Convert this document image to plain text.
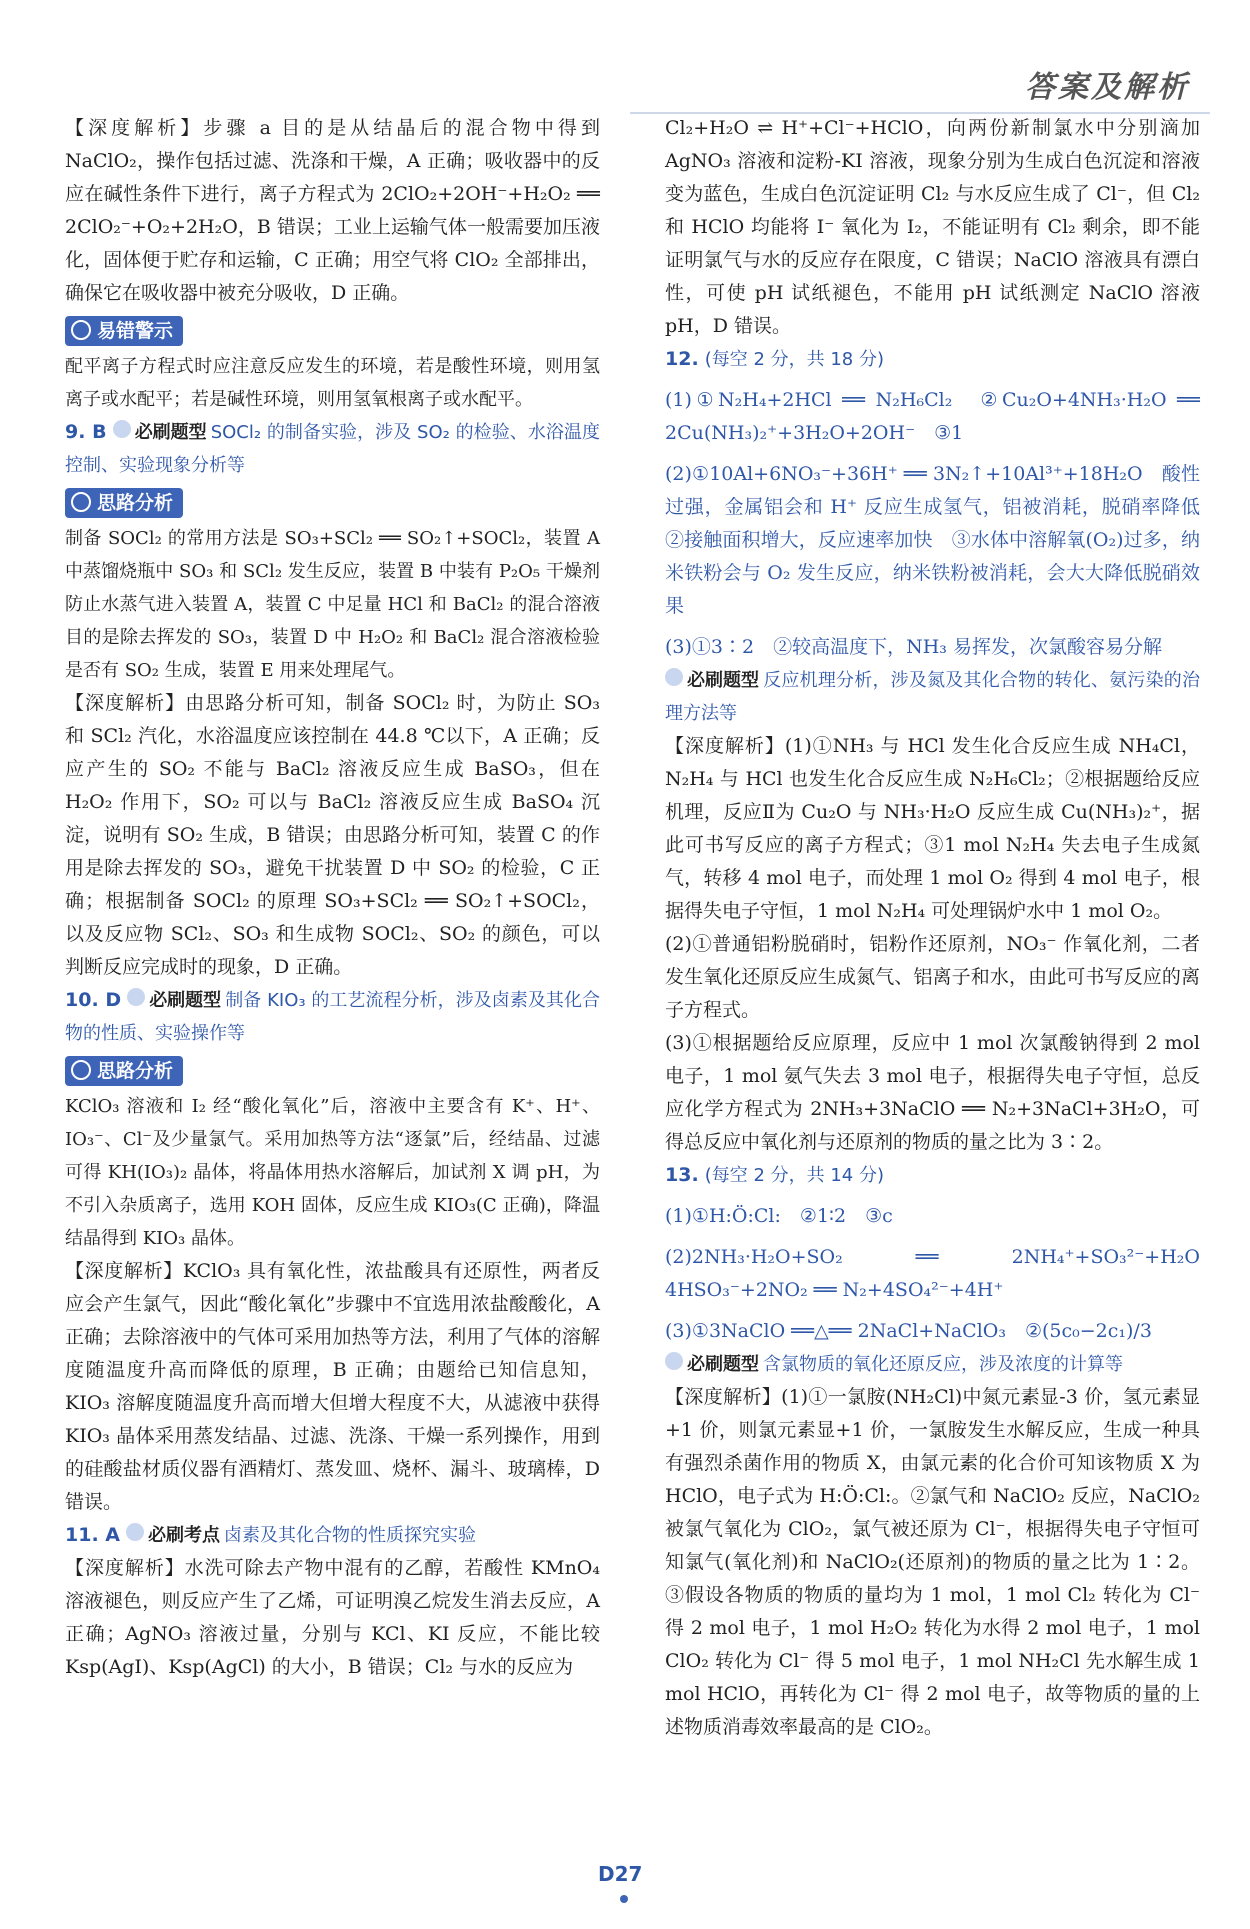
答案及解析

【深度解析】步骤 a 目的是从结晶后的混合物中得到 NaClO₂，操作包括过滤、洗涤和干燥，A 正确；吸收器中的反应在碱性条件下进行，离子方程式为 2ClO₂+2OH⁻+H₂O₂ ══ 2ClO₂⁻+O₂+2H₂O，B 错误；工业上运输气体一般需要加压液化，固体便于贮存和运输，C 正确；用空气将 ClO₂ 全部排出，确保它在吸收器中被充分吸收，D 正确。

易错警示

配平离子方程式时应注意反应发生的环境，若是酸性环境，则用氢离子或水配平；若是碱性环境，则用氢氧根离子或水配平。

9. B 必刷题型 SOCl₂ 的制备实验，涉及 SO₂ 的检验、水浴温度控制、实验现象分析等

思路分析

制备 SOCl₂ 的常用方法是 SO₃+SCl₂ ══ SO₂↑+SOCl₂，装置 A 中蒸馏烧瓶中 SO₃ 和 SCl₂ 发生反应，装置 B 中装有 P₂O₅ 干燥剂防止水蒸气进入装置 A，装置 C 中足量 HCl 和 BaCl₂ 的混合溶液目的是除去挥发的 SO₃，装置 D 中 H₂O₂ 和 BaCl₂ 混合溶液检验是否有 SO₂ 生成，装置 E 用来处理尾气。

【深度解析】由思路分析可知，制备 SOCl₂ 时，为防止 SO₃ 和 SCl₂ 汽化，水浴温度应该控制在 44.8 ℃以下，A 正确；反应产生的 SO₂ 不能与 BaCl₂ 溶液反应生成 BaSO₃，但在 H₂O₂ 作用下，SO₂ 可以与 BaCl₂ 溶液反应生成 BaSO₄ 沉淀，说明有 SO₂ 生成，B 错误；由思路分析可知，装置 C 的作用是除去挥发的 SO₃，避免干扰装置 D 中 SO₂ 的检验，C 正确；根据制备 SOCl₂ 的原理 SO₃+SCl₂ ══ SO₂↑+SOCl₂，以及反应物 SCl₂、SO₃ 和生成物 SOCl₂、SO₂ 的颜色，可以判断反应完成时的现象，D 正确。

10. D 必刷题型 制备 KIO₃ 的工艺流程分析，涉及卤素及其化合物的性质、实验操作等

思路分析

KClO₃ 溶液和 I₂ 经“酸化氧化”后，溶液中主要含有 K⁺、H⁺、IO₃⁻、Cl⁻及少量氯气。采用加热等方法“逐氯”后，经结晶、过滤可得 KH(IO₃)₂ 晶体，将晶体用热水溶解后，加试剂 X 调 pH，为不引入杂质离子，选用 KOH 固体，反应生成 KIO₃(C 正确)，降温结晶得到 KIO₃ 晶体。

【深度解析】KClO₃ 具有氧化性，浓盐酸具有还原性，两者反应会产生氯气，因此“酸化氧化”步骤中不宜选用浓盐酸酸化，A 正确；去除溶液中的气体可采用加热等方法，利用了气体的溶解度随温度升高而降低的原理，B 正确；由题给已知信息知，KIO₃ 溶解度随温度升高而增大但增大程度不大，从滤液中获得 KIO₃ 晶体采用蒸发结晶、过滤、洗涤、干燥一系列操作，用到的硅酸盐材质仪器有酒精灯、蒸发皿、烧杯、漏斗、玻璃棒，D 错误。

11. A 必刷考点 卤素及其化合物的性质探究实验

【深度解析】水洗可除去产物中混有的乙醇，若酸性 KMnO₄ 溶液褪色，则反应产生了乙烯，可证明溴乙烷发生消去反应，A 正确；AgNO₃ 溶液过量，分别与 KCl、KI 反应，不能比较 Ksp(AgI)、Ksp(AgCl) 的大小，B 错误；Cl₂ 与水的反应为

Cl₂+H₂O ⇌ H⁺+Cl⁻+HClO，向两份新制氯水中分别滴加 AgNO₃ 溶液和淀粉-KI 溶液，现象分别为生成白色沉淀和溶液变为蓝色，生成白色沉淀证明 Cl₂ 与水反应生成了 Cl⁻，但 Cl₂ 和 HClO 均能将 I⁻ 氧化为 I₂，不能证明有 Cl₂ 剩余，即不能证明氯气与水的反应存在限度，C 错误；NaClO 溶液具有漂白性，可使 pH 试纸褪色，不能用 pH 试纸测定 NaClO 溶液 pH，D 错误。

12. (每空 2 分，共 18 分)

(1)①N₂H₄+2HCl ══ N₂H₆Cl₂　②Cu₂O+4NH₃·H₂O ══ 2Cu(NH₃)₂⁺+3H₂O+2OH⁻　③1

(2)①10Al+6NO₃⁻+36H⁺ ══ 3N₂↑+10Al³⁺+18H₂O　酸性过强，金属铝会和 H⁺ 反应生成氢气，铝被消耗，脱硝率降低　②接触面积增大，反应速率加快　③水体中溶解氧(O₂)过多，纳米铁粉会与 O₂ 发生反应，纳米铁粉被消耗，会大大降低脱硝效果

(3)①3∶2　②较高温度下，NH₃ 易挥发，次氯酸容易分解

必刷题型 反应机理分析，涉及氮及其化合物的转化、氨污染的治理方法等

【深度解析】(1)①NH₃ 与 HCl 发生化合反应生成 NH₄Cl，N₂H₄ 与 HCl 也发生化合反应生成 N₂H₆Cl₂；②根据题给反应机理，反应Ⅱ为 Cu₂O 与 NH₃·H₂O 反应生成 Cu(NH₃)₂⁺，据此可书写反应的离子方程式；③1 mol N₂H₄ 失去电子生成氮气，转移 4 mol 电子，而处理 1 mol O₂ 得到 4 mol 电子，根据得失电子守恒，1 mol N₂H₄ 可处理锅炉水中 1 mol O₂。

(2)①普通铝粉脱硝时，铝粉作还原剂，NO₃⁻ 作氧化剂，二者发生氧化还原反应生成氮气、铝离子和水，由此可书写反应的离子方程式。

(3)①根据题给反应原理，反应中 1 mol 次氯酸钠得到 2 mol 电子，1 mol 氨气失去 3 mol 电子，根据得失电子守恒，总反应化学方程式为 2NH₃+3NaClO ══ N₂+3NaCl+3H₂O，可得总反应中氧化剂与还原剂的物质的量之比为 3∶2。

13. (每空 2 分，共 14 分)

(1)①H:Ö:Cl:　②1∶2　③c

(2)2NH₃·H₂O+SO₂ ══ 2NH₄⁺+SO₃²⁻+H₂O　4HSO₃⁻+2NO₂ ══ N₂+4SO₄²⁻+4H⁺

(3)①3NaClO ══△══ 2NaCl+NaClO₃　②(5c₀−2c₁)/3

必刷题型 含氯物质的氧化还原反应，涉及浓度的计算等

【深度解析】(1)①一氯胺(NH₂Cl)中氮元素显-3 价，氢元素显+1 价，则氯元素显+1 价，一氯胺发生水解反应，生成一种具有强烈杀菌作用的物质 X，由氯元素的化合价可知该物质 X 为 HClO，电子式为 H:Ö:Cl:。②氯气和 NaClO₂ 反应，NaClO₂ 被氯气氧化为 ClO₂，氯气被还原为 Cl⁻，根据得失电子守恒可知氯气(氧化剂)和 NaClO₂(还原剂)的物质的量之比为 1∶2。③假设各物质的物质的量均为 1 mol，1 mol Cl₂ 转化为 Cl⁻ 得 2 mol 电子，1 mol H₂O₂ 转化为水得 2 mol 电子，1 mol ClO₂ 转化为 Cl⁻ 得 5 mol 电子，1 mol NH₂Cl 先水解生成 1 mol HClO，再转化为 Cl⁻ 得 2 mol 电子，故等物质的量的上述物质消毒效率最高的是 ClO₂。

D27
